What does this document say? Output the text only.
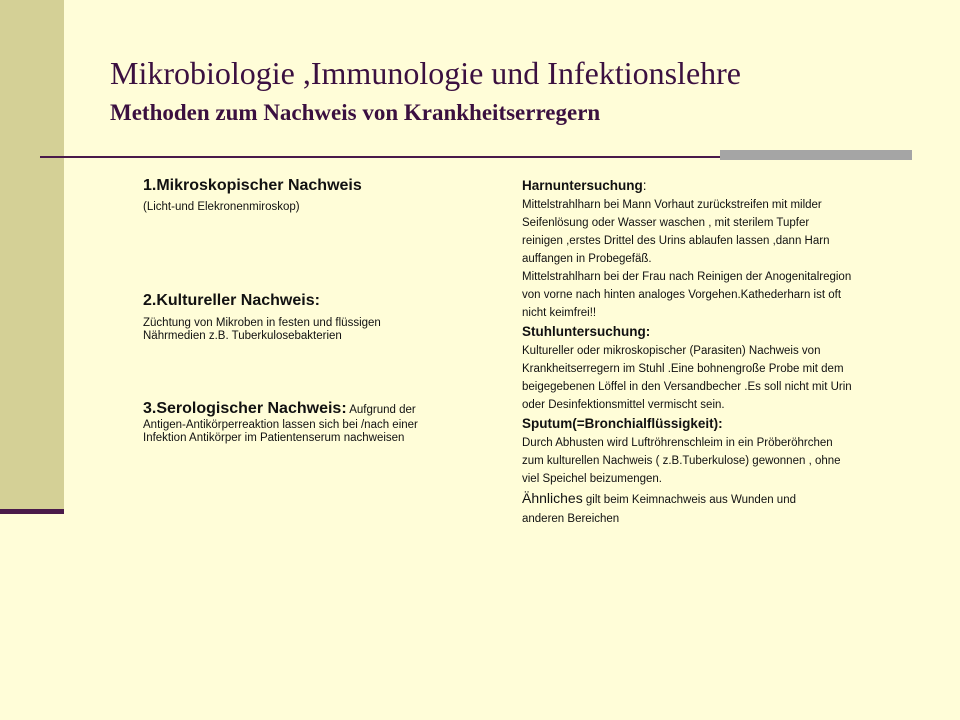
Mikrobiologie ,Immunologie und Infektionslehre
Methoden zum Nachweis von Krankheitserregern
1.Mikroskopischer Nachweis
(Licht-und Elekronenmiroskop)
2.Kultureller Nachweis:
Züchtung von Mikroben in festen und flüssigen
Nährmedien z.B. Tuberkulosebakterien
3.Serologischer Nachweis: Aufgrund der
Antigen-Antikörperreaktion lassen sich bei /nach einer
Infektion Antikörper im Patientenserum nachweisen
Harnuntersuchung:
Mittelstrahlharn bei Mann Vorhaut zurückstreifen mit milder
Seifenlösung oder Wasser waschen , mit sterilem Tupfer
reinigen ,erstes Drittel des Urins ablaufen lassen ,dann Harn
auffangen in Probegefäß.
Mittelstrahlharn bei der Frau nach Reinigen der Anogenitalregion
von vorne nach hinten analoges Vorgehen.Kathederharn ist oft
nicht keimfrei!!
Stuhluntersuchung:
Kultureller oder mikroskopischer (Parasiten) Nachweis von
Krankheitserregern im Stuhl .Eine bohnengroße Probe mit dem
beigegebenen Löffel in den Versandbecher .Es soll nicht mit Urin
oder Desinfektionsmittel vermischt sein.
Sputum(=Bronchialflüssigkeit):
Durch Abhusten wird Luftröhrenschleim in ein Pröberöhrchen
zum kulturellen Nachweis ( z.B.Tuberkulose) gewonnen , ohne
viel Speichel beizumengen.
Ähnliches gilt beim Keimnachweis aus Wunden und
anderen Bereichen
